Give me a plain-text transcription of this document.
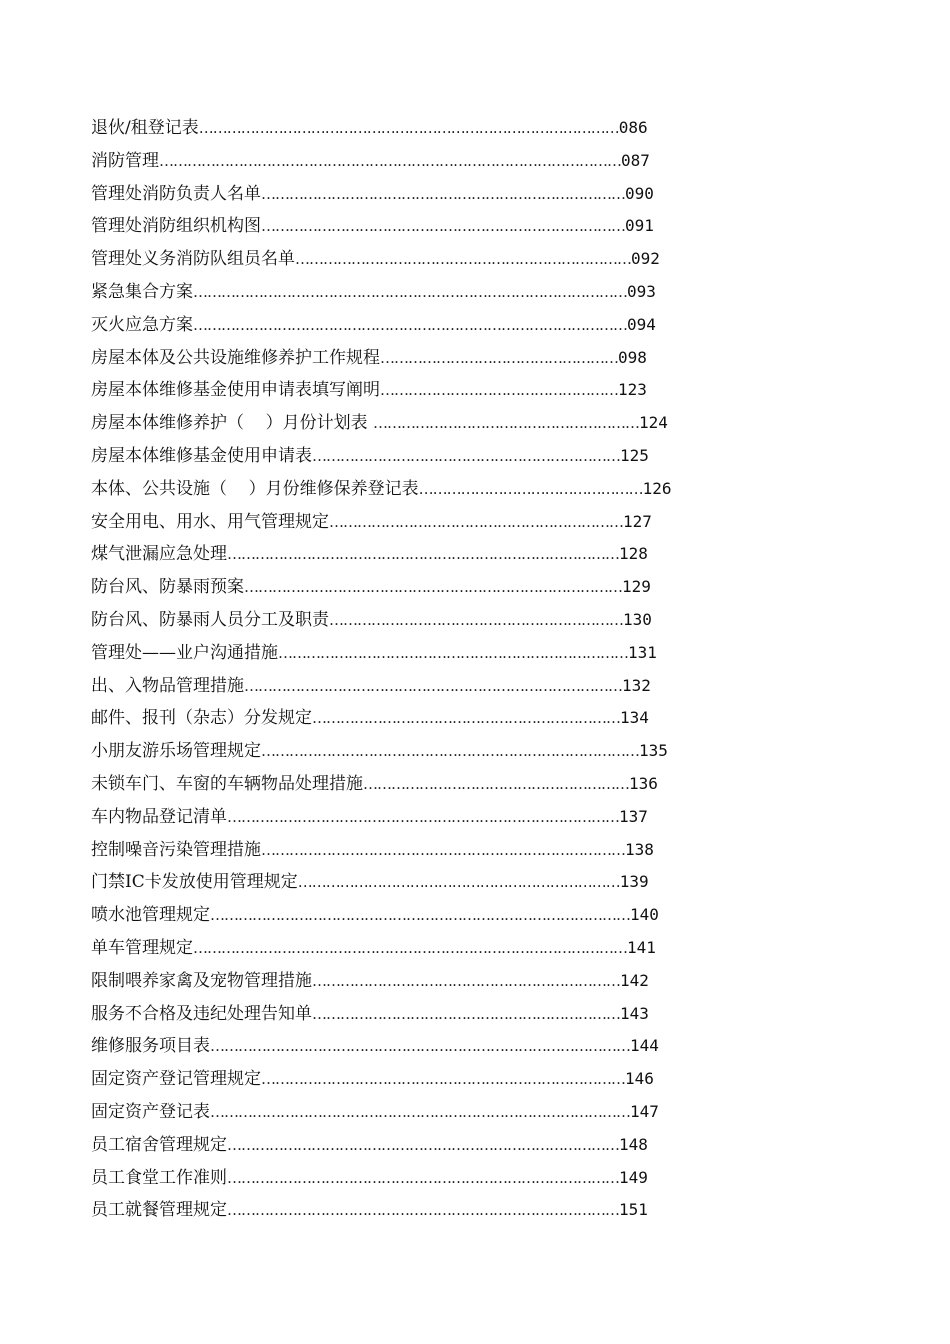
退伙/租登记表 ……………………………………………………………………………… 086
消防管理 ……………………………………………………………………………………… 087
管理处消防负责人名单 …………………………………………………………………… 090
管理处消防组织机构图 …………………………………………………………………… 091
管理处义务消防队组员名单 ……………………………………………………………… 092
紧急集合方案 ………………………………………………………………………………… 093
灭火应急方案 ………………………………………………………………………………… 094
房屋本体及公共设施维修养护工作规程 …………………………………………… 098
房屋本体维修基金使用申请表填写阐明 …………………………………………… 123
房屋本体维修养护（    ）月份计划表 ………………………………………………… 124
房屋本体维修基金使用申请表 ………………………………………………………… 125
本体、公共设施（    ）月份维修保养登记表 ………………………………………… 126
安全用电、用水、用气管理规定 ……………………………………………………… 127
煤气泄漏应急处理 ………………………………………………………………………… 128
防台风、防暴雨预案 ……………………………………………………………………… 129
防台风、防暴雨人员分工及职责 ……………………………………………………… 130
管理处——业户沟通措施 ………………………………………………………………… 131
出、入物品管理措施 ……………………………………………………………………… 132
邮件、报刊（杂志）分发规定 ………………………………………………………… 134
小朋友游乐场管理规定 ……………………………………………………………………… 135
未锁车门、车窗的车辆物品处理措施 ………………………………………………… 136
车内物品登记清单 ………………………………………………………………………… 137
控制噪音污染管理措施 …………………………………………………………………… 138
门禁IC卡发放使用管理规定 …………………………………………………………… 139
喷水池管理规定 ……………………………………………………………………………… 140
单车管理规定 ………………………………………………………………………………… 141
限制喂养家禽及宠物管理措施 ………………………………………………………… 142
服务不合格及违纪处理告知单 ………………………………………………………… 143
维修服务项目表 ……………………………………………………………………………… 144
固定资产登记管理规定 …………………………………………………………………… 146
固定资产登记表 ……………………………………………………………………………… 147
员工宿舍管理规定 ………………………………………………………………………… 148
员工食堂工作准则 ………………………………………………………………………… 149
员工就餐管理规定 ………………………………………………………………………… 151
